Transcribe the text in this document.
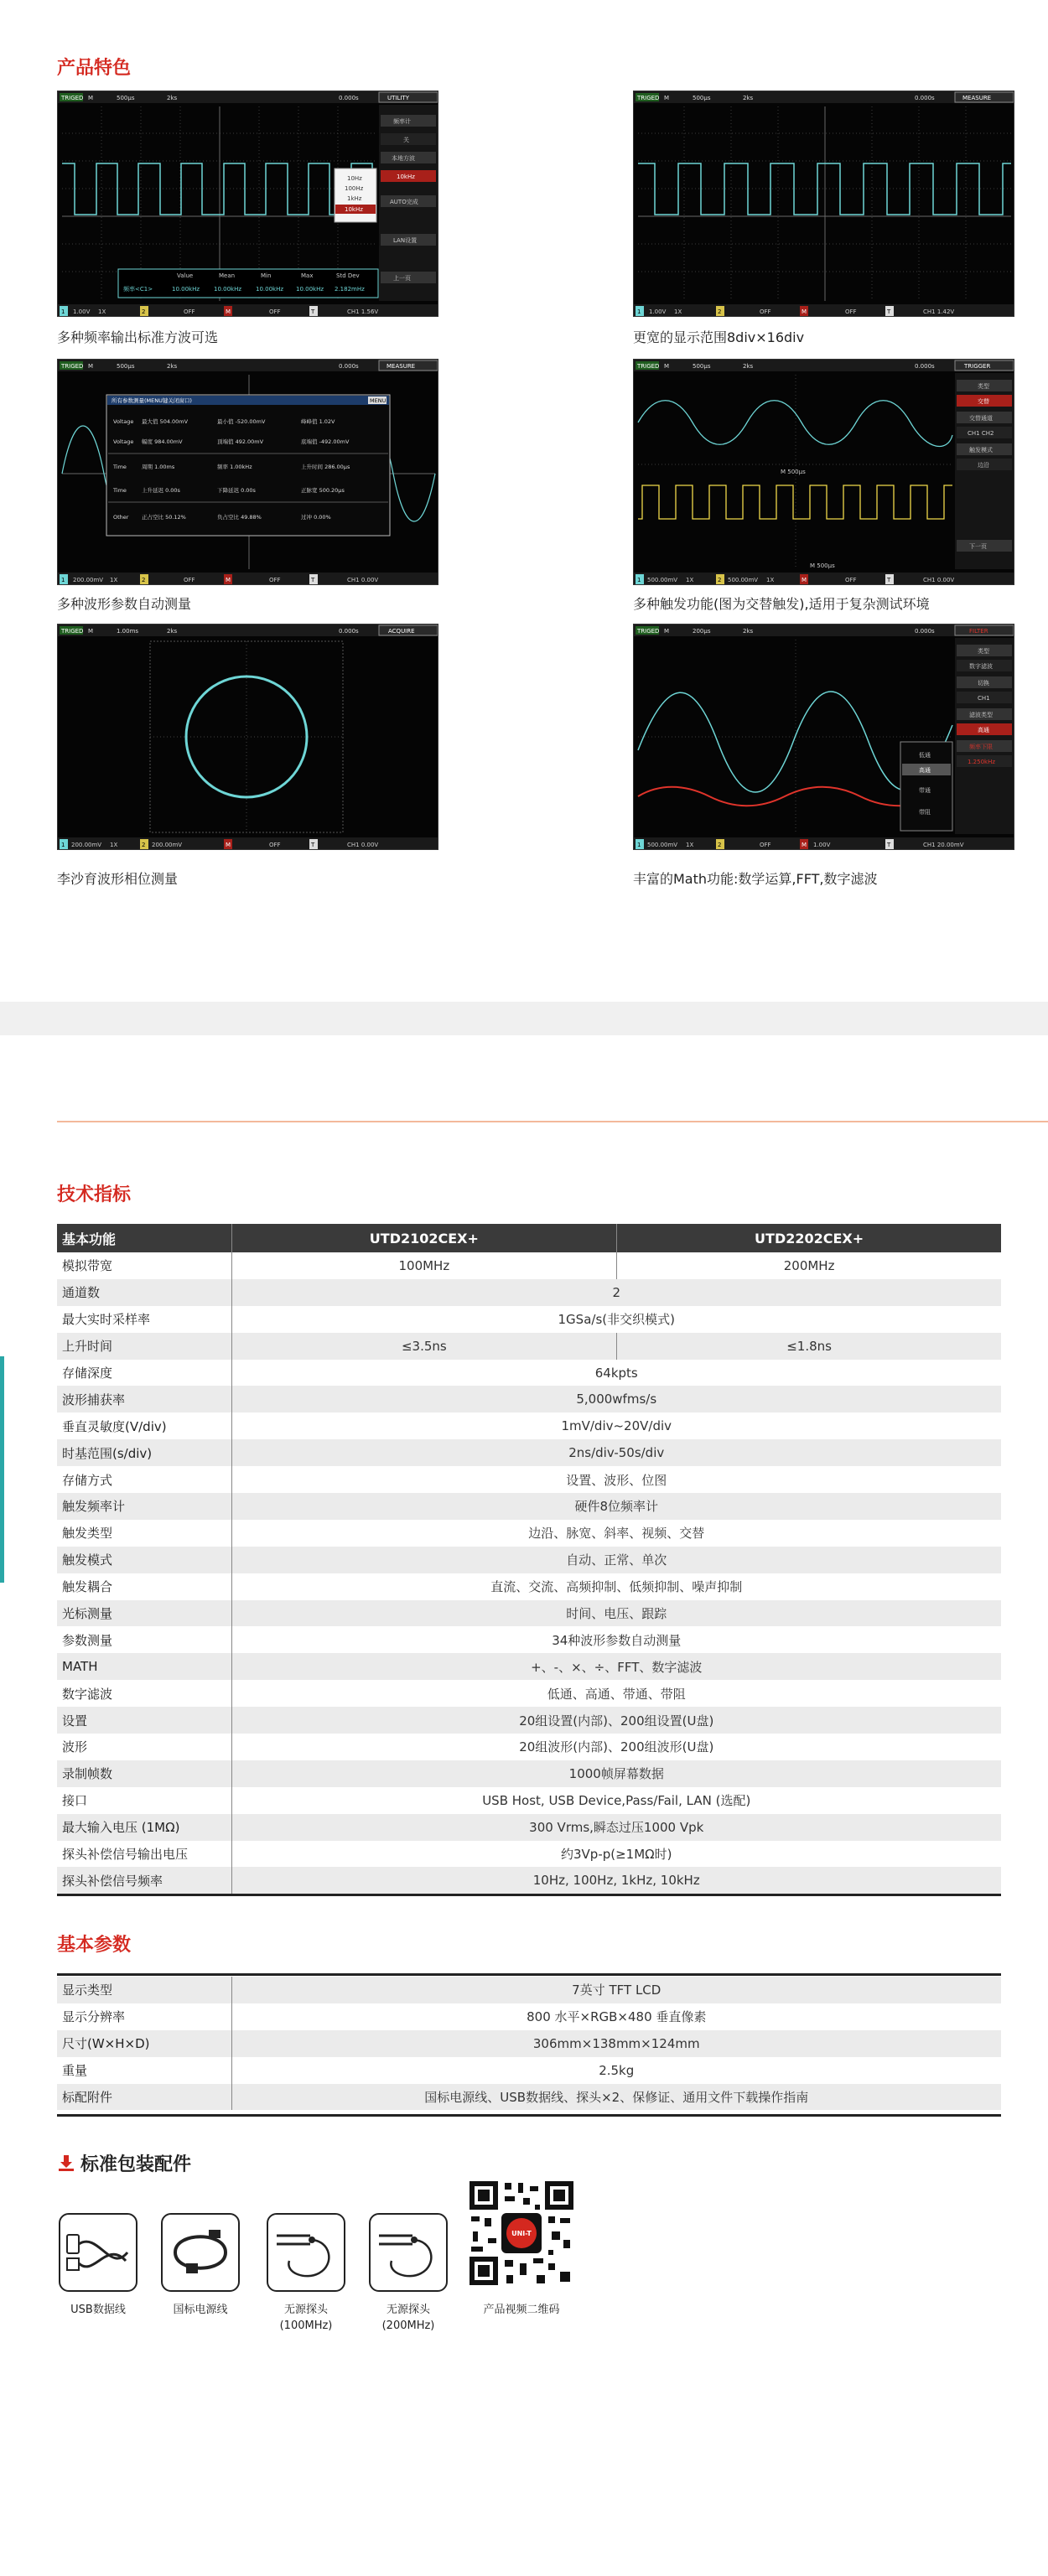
产品特色
TRIGED M	500µs	2ks	0.000s	UTILITY
频率计
关
本地方波
10kHz
AUTO完成
LAN设置
上一页
10Hz
100Hz
1kHz
10kHz
Value	Mean	Min	Max	Std Dev
频率<C1>	10.00kHz 10.00kHz 10.00kHz 10.00kHz 2.182mHz
1 1.00V 1X	2	OFF	M	OFF	T	CH1 1.56V
多种频率输出标准方波可选
TRIGED M	500µs	2ks	0.000s	MEASURE
1 1.00V 1X	2	OFF	M	OFF	T	CH1 1.42V
更宽的显示范围8div×16div
TRIGED M	500µs	2ks	0.000s	MEASURE
所有参数测量(MENU键关闭窗口)	MENU
Voltage 最大值 504.00mV	最小值 -520.00mV	峰峰值 1.02V
Voltage 幅度 984.00mV	顶端值 492.00mV	底端值 -492.00mV
Time	周期 1.00ms	频率 1.00kHz	上升时间 286.00µs
Time	上升延迟 0.00s	下降延迟 0.00s	正脉宽 500.20µs
Other 正占空比 50.12%	负占空比 49.88%	过冲 0.00%
1 200.00mV 1X	2	OFF	M	OFF	T	CH1 0.00V
多种波形参数自动测量
TRIGED M	500µs	2ks	0.000s	TRIGGER
M 500µs
M 500µs
类型
交替
交替通道
CH1 CH2
触发模式
边沿
下一页
1 500.00mV 1X	2 500.00mV 1X	M	OFF	T	CH1 0.00V
多种触发功能(图为交替触发),适用于复杂测试环境
TRIGED M	1.00ms	2ks	0.000s	ACQUIRE
1 200.00mV 1X	2 200.00mV	M	OFF	T	CH1 0.00V
李沙育波形相位测量
TRIGED M	200µs	2ks	0.000s	FILTER
低通
高通
带通
带阻
类型
数字滤波
切换
CH1
滤波类型
高通
频率下限
1.250kHz
1 500.00mV 1X	2	OFF	M 1.00V	T	CH1 20.00mV
丰富的Math功能:数学运算,FFT,数字滤波
技术指标
基本功能	UTD2102CEX+	UTD2202CEX+
模拟带宽	100MHz	200MHz
通道数	2	
最大实时采样率	1GSa/s(非交织模式)	
上升时间	≤3.5ns	≤1.8ns
存储深度	64kpts	
波形捕获率	5,000wfms/s	
垂直灵敏度(V/div)	1mV/div~20V/div	
时基范围(s/div)	2ns/div-50s/div	
存储方式	设置、波形、位图	
触发频率计	硬件8位频率计	
触发类型	边沿、脉宽、斜率、视频、交替	
触发模式	自动、正常、单次	
触发耦合	直流、交流、高频抑制、低频抑制、噪声抑制	
光标测量	时间、电压、跟踪	
参数测量	34种波形参数自动测量	
MATH	+、-、×、÷、FFT、数字滤波	
数字滤波	低通、高通、带通、带阻	
设置	20组设置(内部)、200组设置(U盘)	
波形	20组波形(内部)、200组波形(U盘)	
录制帧数	1000帧屏幕数据	
接口	USB Host, USB Device,Pass/Fail, LAN (选配)	
最大输入电压 (1MΩ)	300 Vrms,瞬态过压1000 Vpk	
探头补偿信号输出电压	约3Vp-p(≥1MΩ时)	
探头补偿信号频率	10Hz, 100Hz, 1kHz, 10kHz	
基本参数
显示类型	7英寸 TFT LCD
显示分辨率	800 水平×RGB×480 垂直像素
尺寸(W×H×D)	306mm×138mm×124mm
重量	2.5kg
标配附件	国标电源线、USB数据线、探头×2、保修证、通用文件下载操作指南
标准包装配件
USB数据线	国标电源线	无源探头
(100MHz)
无源探头
(200MHz)
UNI-T
产品视频二维码
